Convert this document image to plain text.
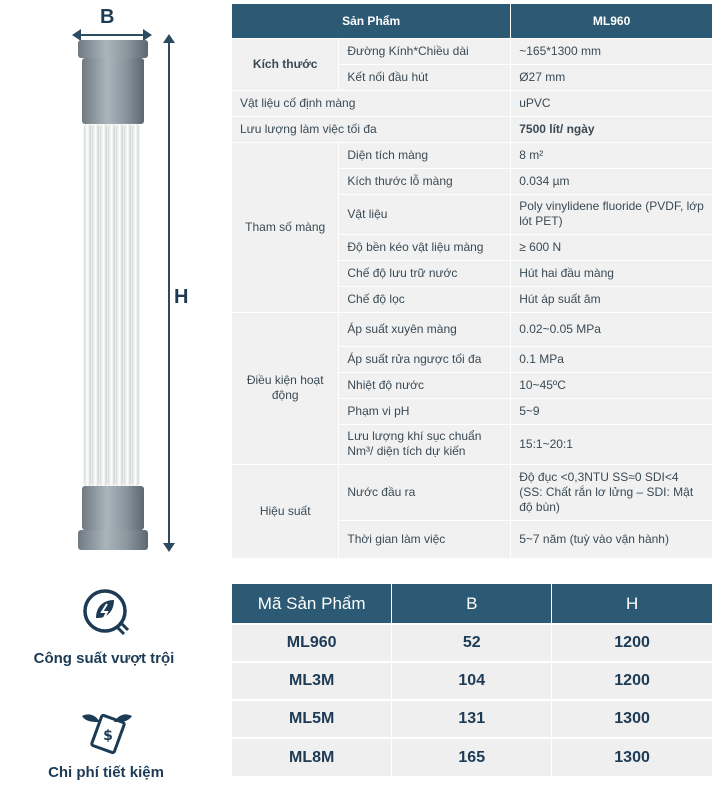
B
H
Công suất vượt trội
$
Chi phí tiết kiệm
Sản Phẩm		ML960
Kích thước	Đường Kính*Chiều dài	~165*1300 mm
	Kết nối đầu hút	Ø27 mm
Vật liệu cố định màng		uPVC
Lưu lượng làm việc tối đa		7500 lít/ ngày
Tham số màng	Diện tích màng	8 m²
	Kích thước lỗ màng	0.034 µm
	Vật liệu	Poly vinylidene fluoride (PVDF, lớp lót PET)
	Độ bền kéo vật liệu màng	≥ 600 N
	Chế độ lưu trữ nước	Hút hai đầu màng
	Chế độ lọc	Hút áp suất âm
Điều kiện hoạt động	Áp suất xuyên màng	0.02~0.05 MPa
	Áp suất rửa ngược tối đa	0.1 MPa
	Nhiệt độ nước	10~45ºC
	Phạm vi pH	5~9
	Lưu lượng khí sục chuẩn Nm³/ diện tích dự kiến	15:1~20:1
Hiệu suất	Nước đầu ra	Độ đục <0,3NTU SS≈0 SDI<4 (SS: Chất rắn lơ lửng – SDI: Mật độ bùn)
	Thời gian làm việc	5~7 năm (tuỳ vào vận hành)
Mã Sản Phẩm	B	H
ML960	52	1200
ML3M	104	1200
ML5M	131	1300
ML8M	165	1300
